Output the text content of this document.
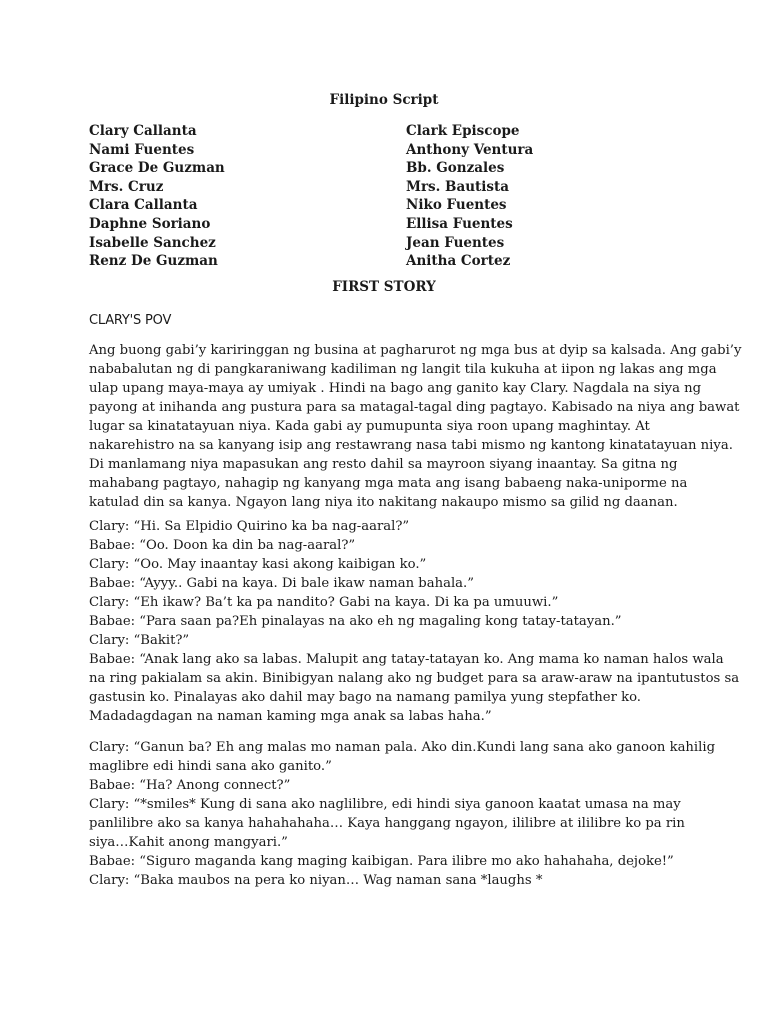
Filipino Script
Clary Callanta
Nami Fuentes
Grace De Guzman
Mrs. Cruz
Clara Callanta
Daphne Soriano
Isabelle Sanchez
Renz De Guzman
Clark Episcope
Anthony Ventura
Bb. Gonzales
Mrs. Bautista
Niko Fuentes
Ellisa Fuentes
Jean Fuentes
Anitha Cortez
FIRST STORY
CLARY'S POV
Ang buong gabi’y kariringgan ng busina at pagharurot ng mga bus at dyip sa kalsada. Ang gabi’y
nababalutan ng di pangkaraniwang kadiliman ng langit tila kukuha at iipon ng lakas ang mga
ulap upang maya-maya ay umiyak . Hindi na bago ang ganito kay Clary. Nagdala na siya ng
payong at inihanda ang pustura para sa matagal-tagal ding pagtayo. Kabisado na niya ang bawat
lugar sa kinatatayuan niya. Kada gabi ay pumupunta siya roon upang maghintay. At
nakarehistro na sa kanyang isip ang restawrang nasa tabi mismo ng kantong kinatatayuan niya.
Di manlamang niya mapasukan ang resto dahil sa mayroon siyang inaantay. Sa gitna ng
mahabang pagtayo, nahagip ng kanyang mga mata ang isang babaeng naka-uniporme na
katulad din sa kanya. Ngayon lang niya ito nakitang nakaupo mismo sa gilid ng daanan.
Clary: “Hi. Sa Elpidio Quirino ka ba nag-aaral?”
Babae: “Oo. Doon ka din ba nag-aaral?”
Clary: “Oo. May inaantay kasi akong kaibigan ko.”
Babae: “Ayyy.. Gabi na kaya. Di bale ikaw naman bahala.”
Clary: “Eh ikaw? Ba’t ka pa nandito? Gabi na kaya. Di ka pa umuuwi.”
Babae: “Para saan pa?Eh pinalayas na ako eh ng magaling kong tatay-tatayan.”
Clary: “Bakit?”
Babae: “Anak lang ako sa labas. Malupit ang tatay-tatayan ko. Ang mama ko naman halos wala
na ring pakialam sa akin. Binibigyan nalang ako ng budget para sa araw-araw na ipantutustos sa
gastusin ko. Pinalayas ako dahil may bago na namang pamilya yung stepfather ko.
Madadagdagan na naman kaming mga anak sa labas haha.”
Clary: “Ganun ba? Eh ang malas mo naman pala. Ako din.Kundi lang sana ako ganoon kahilig
maglibre edi hindi sana ako ganito.”
Babae: “Ha? Anong connect?”
Clary: “*smiles* Kung di sana ako naglilibre, edi hindi siya ganoon kaatat umasa na may
panlilibre ako sa kanya hahahahaha… Kaya hanggang ngayon, ililibre at ililibre ko pa rin
siya…Kahit anong mangyari.”
Babae: “Siguro maganda kang maging kaibigan. Para ilibre mo ako hahahaha, dejoke!”
Clary: “Baka maubos na pera ko niyan… Wag naman sana *laughs *
